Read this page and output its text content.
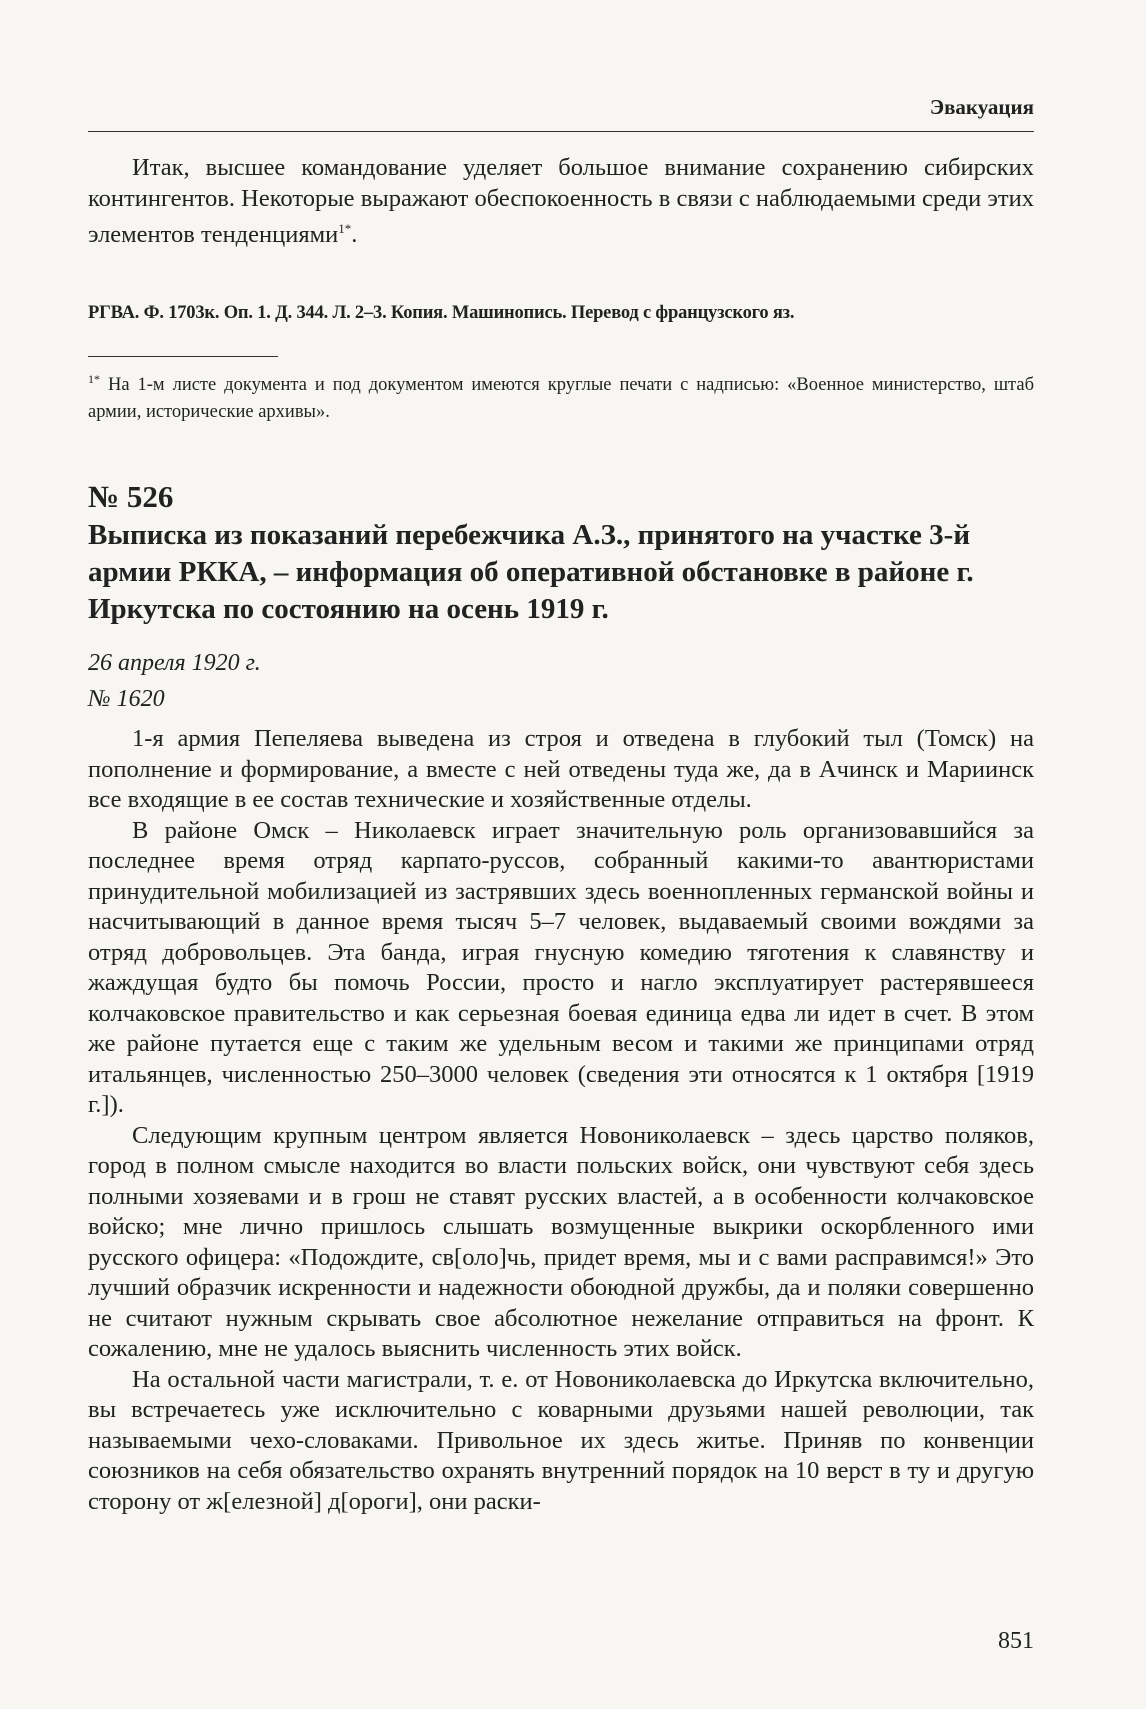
Эвакуация

Итак, высшее командование уделяет большое внимание сохранению сибирских контингентов. Некоторые выражают обеспокоенность в связи с наблюдаемыми среди этих элементов тенденциями$^{1*}$.

РГВА. Ф. 1703к. Оп. 1. Д. 344. Л. 2–3. Копия. Машинопись. Перевод с французского яз.
$^{1*}$ На 1-м листе документа и под документом имеются круглые печати с надписью: «Военное министерство, штаб армии, исторические архивы».
№ 526
Выписка из показаний перебежчика А.З., принятого на участке 3-й армии РККА, – информация об оперативной обстановке в районе г. Иркутска по состоянию на осень 1919 г.
26 апреля 1920 г.
№ 1620

1-я армия Пепеляева выведена из строя и отведена в глубокий тыл (Томск) на пополнение и формирование, а вместе с ней отведены туда же, да в Ачинск и Мариинск все входящие в ее состав технические и хозяйственные отделы.

В районе Омск – Николаевск играет значительную роль организовавшийся за последнее время отряд карпато-руссов, собранный какими-то авантюристами принудительной мобилизацией из застрявших здесь военнопленных германской войны и насчитывающий в данное время тысяч 5–7 человек, выдаваемый своими вождями за отряд добровольцев. Эта банда, играя гнусную комедию тяготения к славянству и жаждущая будто бы помочь России, просто и нагло эксплуатирует растерявшееся колчаковское правительство и как серьезная боевая единица едва ли идет в счет. В этом же районе путается еще с таким же удельным весом и такими же принципами отряд итальянцев, численностью 250–3000 человек (сведения эти относятся к 1 октября [1919 г.]).

Следующим крупным центром является Новониколаевск – здесь царство поляков, город в полном смысле находится во власти польских войск, они чувствуют себя здесь полными хозяевами и в грош не ставят русских властей, а в особенности колчаковское войско; мне лично пришлось слышать возмущенные выкрики оскорбленного ими русского офицера: «Подождите, св[оло]чь, придет время, мы и с вами расправимся!» Это лучший образчик искренности и надежности обоюдной дружбы, да и поляки совершенно не считают нужным скрывать свое абсолютное нежелание отправиться на фронт. К сожалению, мне не удалось выяснить численность этих войск.

На остальной части магистрали, т. е. от Новониколаевска до Иркутска включительно, вы встречаетесь уже исключительно с коварными друзьями нашей революции, так называемыми чехо-словаками. Привольное их здесь житье. Приняв по конвенции союзников на себя обязательство охранять внутренний порядок на 10 верст в ту и другую сторону от ж[елезной] д[ороги], они раски-

851
